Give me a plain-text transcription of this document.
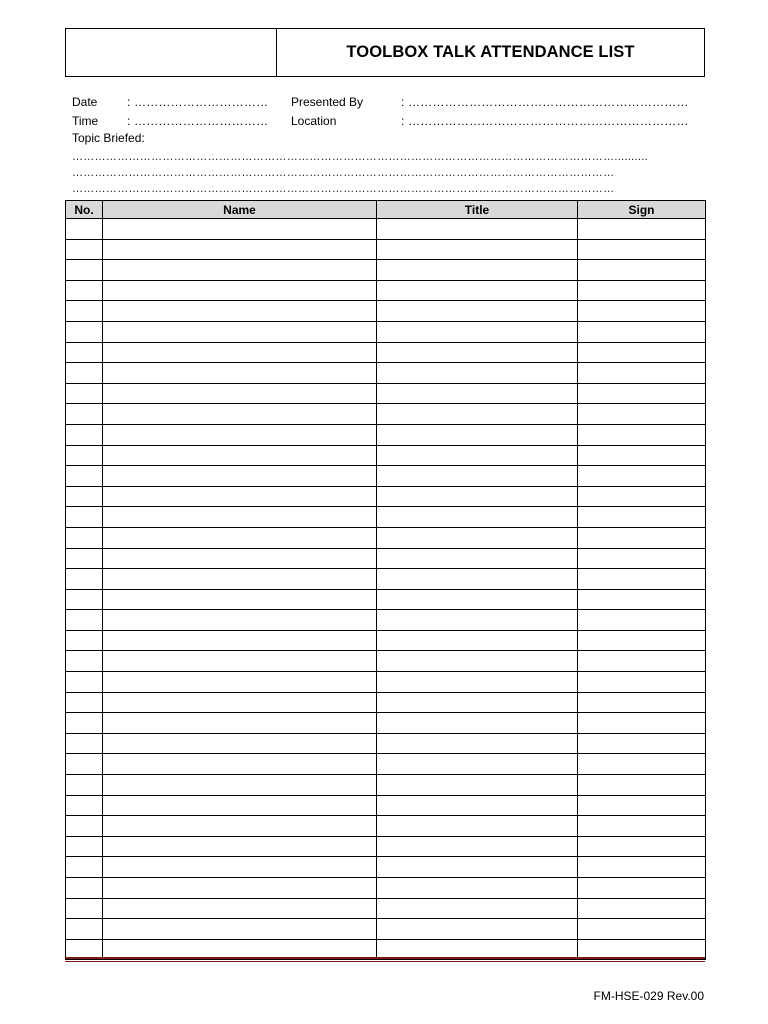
TOOLBOX TALK ATTENDANCE LIST
Date : …………………………… Presented By	: ……………………………………………………………
Time : …………………………… Location	: ……………………………………………………………
Topic Briefed:
………………………………………………………………………………………………………………………………..........
………………………………………………………………………………………………………………………………
………………………………………………………………………………………………………………………………
No.	Name	Title	Sign

FM-HSE-029 Rev.00
